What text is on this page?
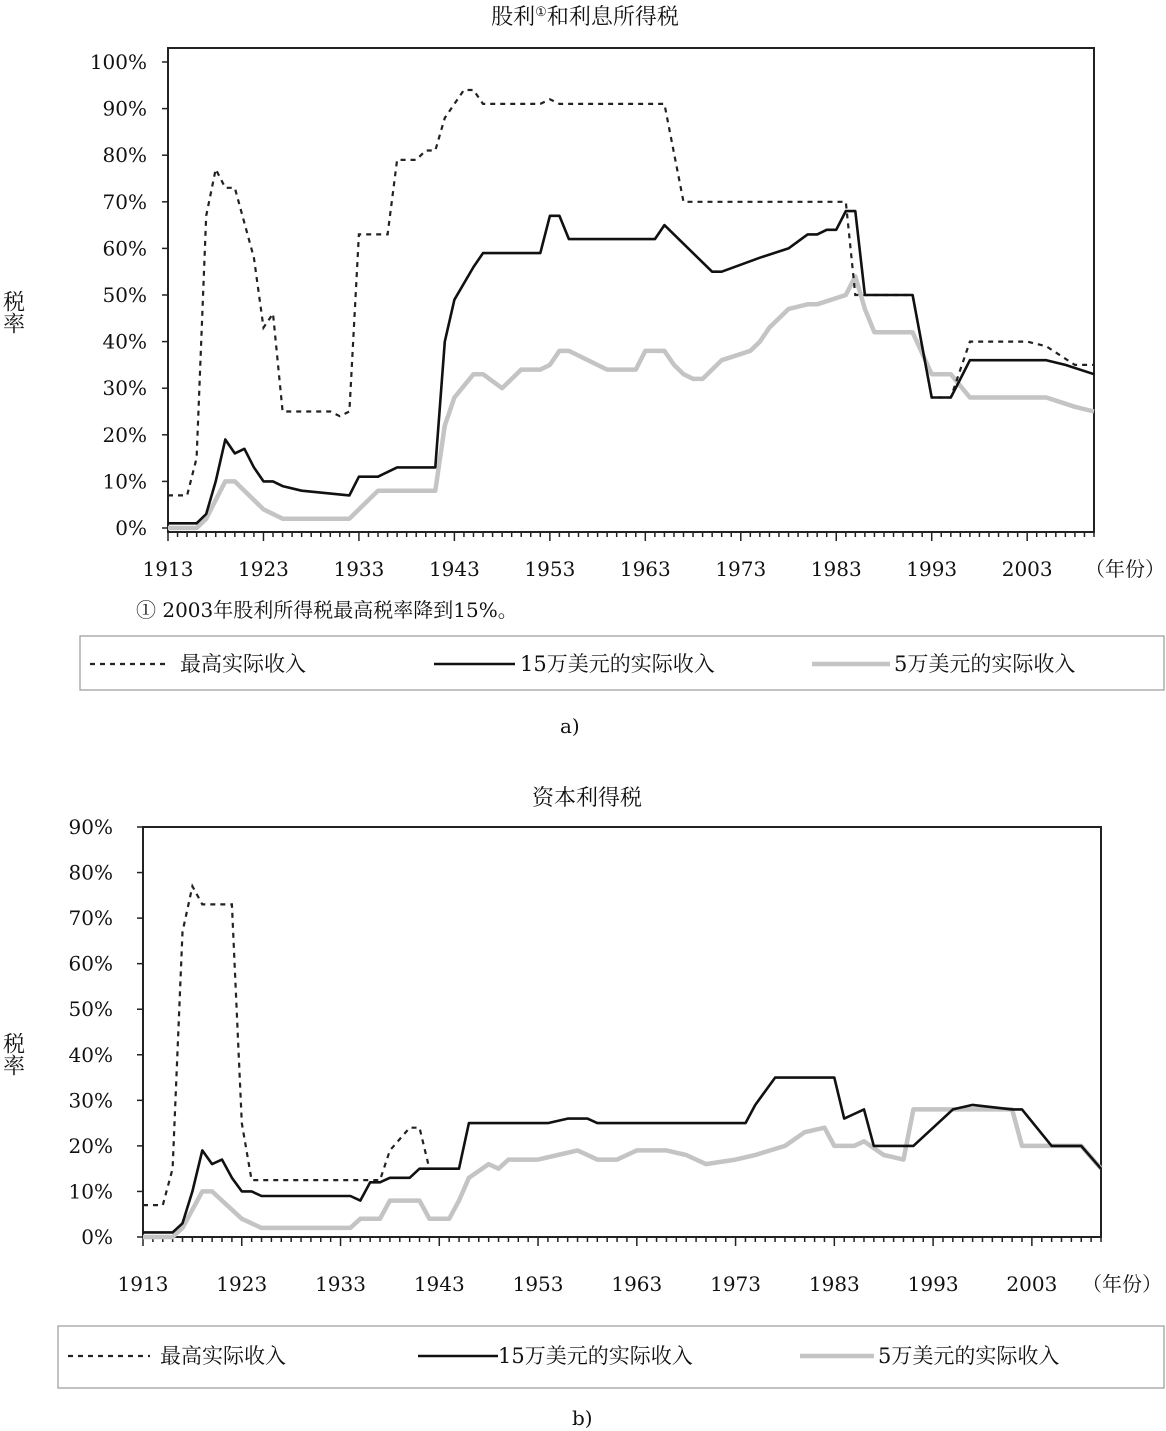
股利①和利息所得税
税率
0%
10%
20%
30%
40%
50%
60%
70%
80%
90%
100%
1913 1923 1933 1943 1953 1963 1973 1983 1993 2003 （年份）
① 2003年股利所得税最高税率降到15%。
最高实际收入	15万美元的实际收入	5万美元的实际收入
a)
资本利得税
税率
0%
10%
20%
30%
40%
50%
60%
70%
80%
90%
1913 1923 1933 1943 1953 1963 1973 1983 1993 2003 （年份）
最高实际收入	15万美元的实际收入	5万美元的实际收入
b)
